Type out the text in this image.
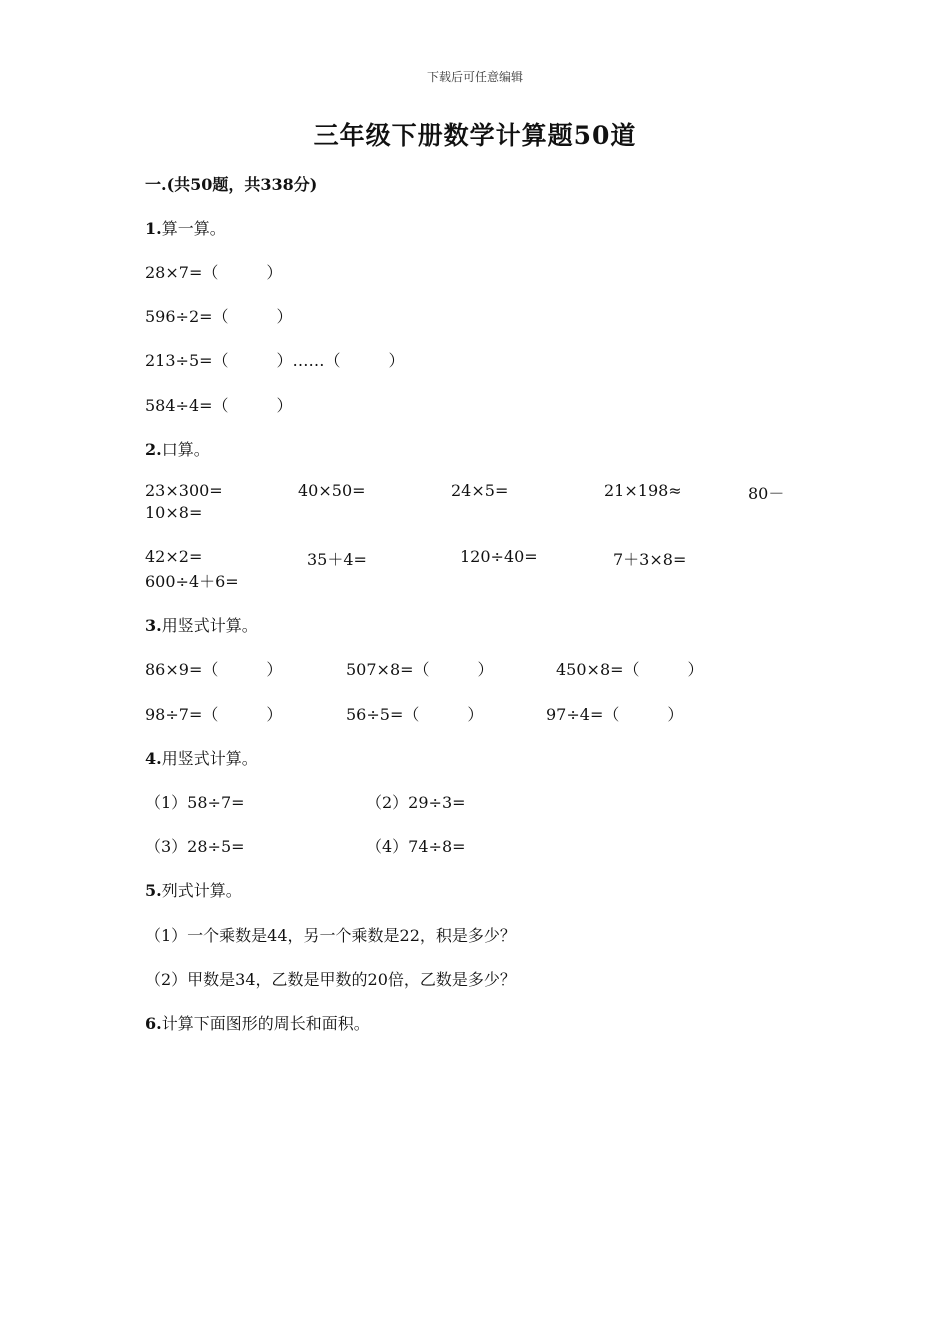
下载后可任意编辑
三年级下册数学计算题50道
一.(共50题，共338分)
1.算一算。
28×7=（　　　）
596÷2=（　　　）
213÷5=（　　　）……（　　　）
584÷4=（　　　）
2.口算。
23×300=	40×50=	24×5=	21×198≈	80－
10×8=
42×2=	35＋4=	120÷40=	7＋3×8=
600÷4＋6=
3.用竖式计算。
86×9=（　　　）	507×8=（　　　）	450×8=（　　　）
98÷7=（　　　）	56÷5=（　　　）	97÷4=（　　　）
4.用竖式计算。
（1）58÷7=	（2）29÷3=
（3）28÷5=	（4）74÷8=
5.列式计算。
（1）一个乘数是44，另一个乘数是22，积是多少？
（2）甲数是34，乙数是甲数的20倍，乙数是多少？
6.计算下面图形的周长和面积。
